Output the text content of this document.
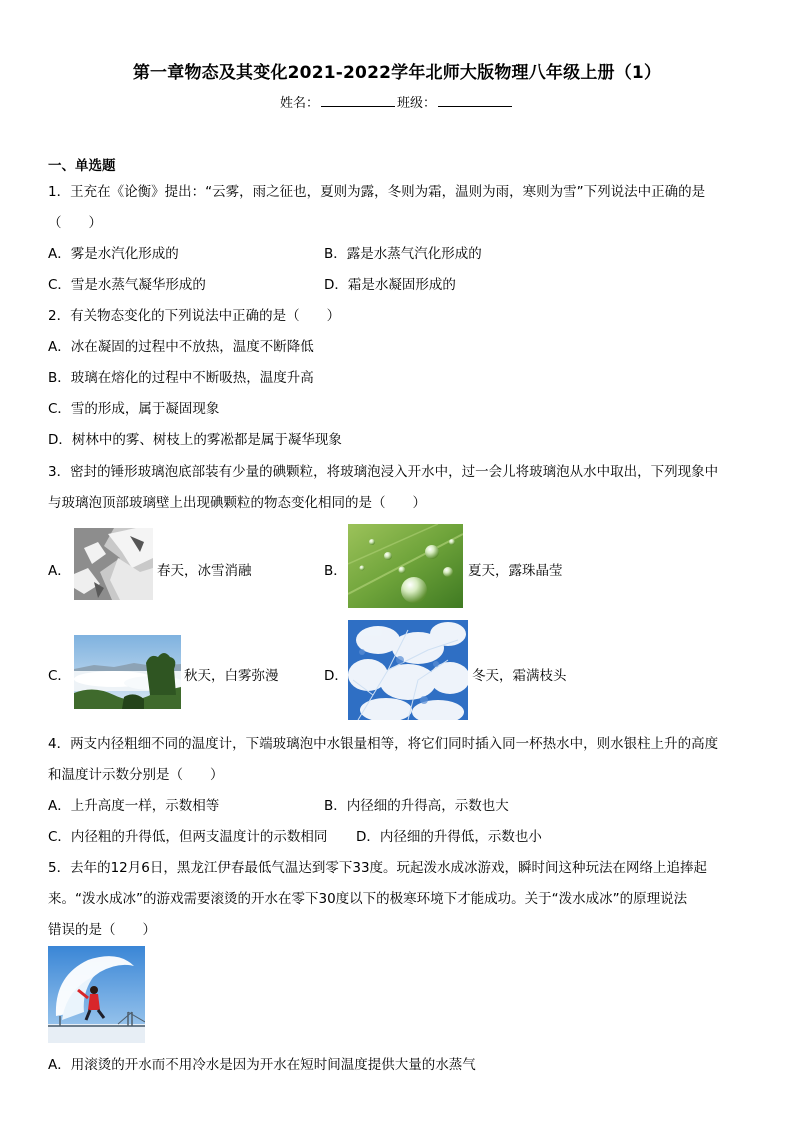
第一章物态及其变化2021-2022学年北师大版物理八年级上册（1）
姓名：	班级：
一、单选题
1．王充在《论衡》提出：“云雾，雨之征也，夏则为露，冬则为霜，温则为雨，寒则为雪”下列说法中正确的是
（　　）
A．雾是水汽化形成的	B．露是水蒸气汽化形成的
C．雪是水蒸气凝华形成的	D．霜是水凝固形成的
2．有关物态变化的下列说法中正确的是（　　）
A．冰在凝固的过程中不放热，温度不断降低
B．玻璃在熔化的过程中不断吸热，温度升高
C．雪的形成，属于凝固现象
D．树林中的雾、树枝上的雾凇都是属于凝华现象
3．密封的锤形玻璃泡底部装有少量的碘颗粒，将玻璃泡浸入开水中，过一会儿将玻璃泡从水中取出，下列现象中
与玻璃泡顶部玻璃壁上出现碘颗粒的物态变化相同的是（　　）
A．	春天，冰雪消融	B．	夏天，露珠晶莹
C．	秋天，白雾弥漫	D．	冬天，霜满枝头
4．两支内径粗细不同的温度计，下端玻璃泡中水银量相等，将它们同时插入同一杯热水中，则水银柱上升的高度
和温度计示数分别是（　　）
A．上升高度一样，示数相等	B．内径细的升得高，示数也大
C．内径粗的升得低，但两支温度计的示数相同 D．内径细的升得低，示数也小
5．去年的12月6日，黑龙江伊春最低气温达到零下33度。玩起泼水成冰游戏，瞬时间这种玩法在网络上追捧起
来。“泼水成冰”的游戏需要滚烫的开水在零下30度以下的极寒环境下才能成功。关于“泼水成冰”的原理说法
错误的是（　　）
A．用滚烫的开水而不用冷水是因为开水在短时间温度提供大量的水蒸气
